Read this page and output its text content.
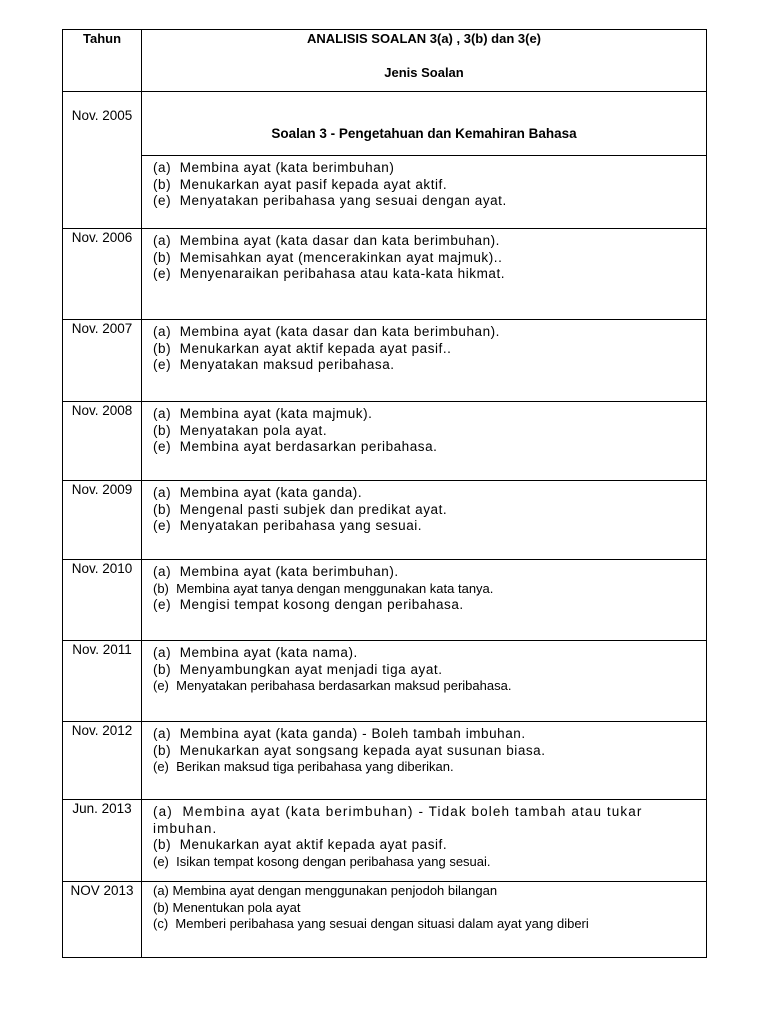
Tahun	ANALISIS SOALAN 3(a) , 3(b) dan 3(e)
Jenis Soalan

Nov. 2005	Soalan 3 - Pengetahuan dan Kemahiran Bahasa

	(a) Membina ayat (kata berimbuhan)
(b) Menukarkan ayat pasif kepada ayat aktif.
(e) Menyatakan peribahasa yang sesuai dengan ayat.

Nov. 2006	(a) Membina ayat (kata dasar dan kata berimbuhan).
(b) Memisahkan ayat (mencerakinkan ayat majmuk)..
(e) Menyenaraikan peribahasa atau kata-kata hikmat.

Nov. 2007	(a) Membina ayat (kata dasar dan kata berimbuhan).
(b) Menukarkan ayat aktif kepada ayat pasif..
(e) Menyatakan maksud peribahasa.

Nov. 2008	(a) Membina ayat (kata majmuk).
(b) Menyatakan pola ayat.
(e) Membina ayat berdasarkan peribahasa.

Nov. 2009	(a) Membina ayat (kata ganda).
(b) Mengenal pasti subjek dan predikat ayat.
(e) Menyatakan peribahasa yang sesuai.

Nov. 2010	(a) Membina ayat (kata berimbuhan).
(b) Membina ayat tanya dengan menggunakan kata tanya.
(e) Mengisi tempat kosong dengan peribahasa.

Nov. 2011	(a) Membina ayat (kata nama).
(b) Menyambungkan ayat menjadi tiga ayat.
(e) Menyatakan peribahasa berdasarkan maksud peribahasa.

Nov. 2012	(a) Membina ayat (kata ganda) - Boleh tambah imbuhan.
(b) Menukarkan ayat songsang kepada ayat susunan biasa.
(e) Berikan maksud tiga peribahasa yang diberikan.

Jun. 2013	(a) Membina ayat (kata berimbuhan) - Tidak boleh tambah atau tukar imbuhan.
(b) Menukarkan ayat aktif kepada ayat pasif.
(e) Isikan tempat kosong dengan peribahasa yang sesuai.

NOV 2013	(a) Membina ayat dengan menggunakan penjodoh bilangan
(b) Menentukan pola ayat
(c) Memberi peribahasa yang sesuai dengan situasi dalam ayat yang diberi
